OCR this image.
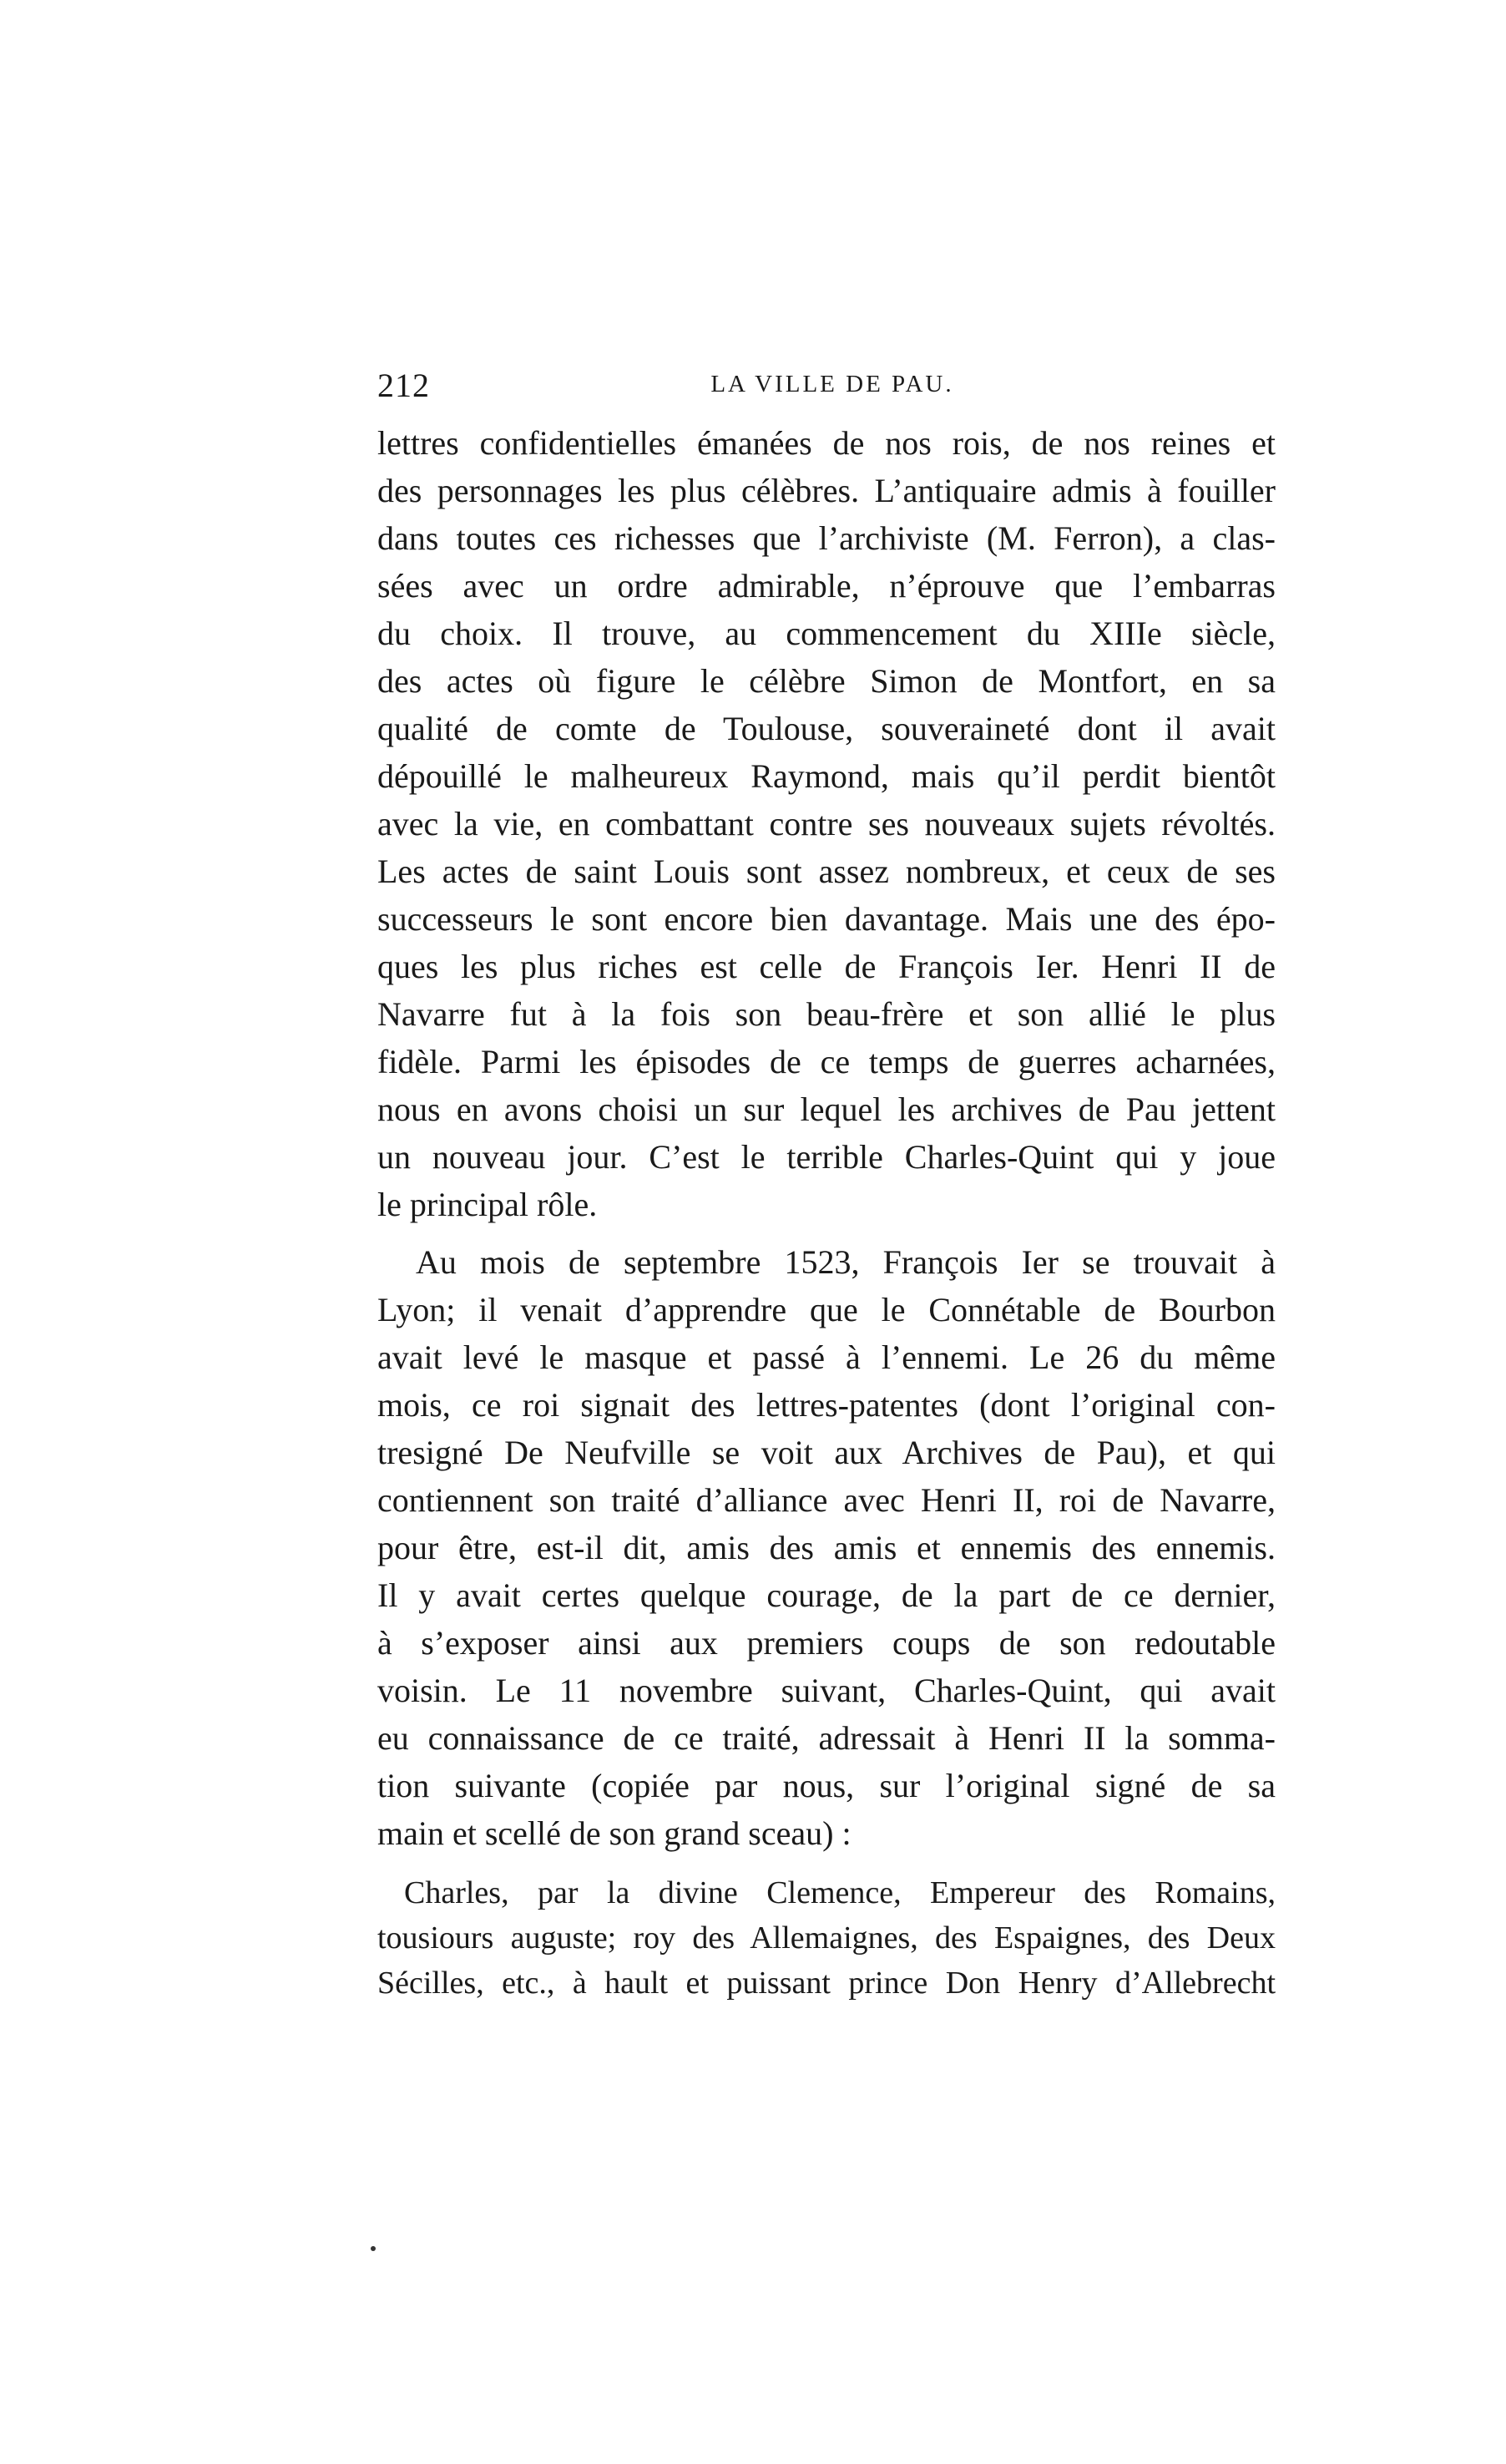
212	LA VILLE DE PAU.
lettres confidentielles émanées de nos rois, de nos reines et
des personnages les plus célèbres. L’antiquaire admis à fouiller
dans toutes ces richesses que l’archiviste (M. Ferron), a clas-
sées avec un ordre admirable, n’éprouve que l’embarras
du choix. Il trouve, au commencement du XIIIe siècle,
des actes où figure le célèbre Simon de Montfort, en sa
qualité de comte de Toulouse, souveraineté dont il avait
dépouillé le malheureux Raymond, mais qu’il perdit bientôt
avec la vie, en combattant contre ses nouveaux sujets révoltés.
Les actes de saint Louis sont assez nombreux, et ceux de ses
successeurs le sont encore bien davantage. Mais une des épo-
ques les plus riches est celle de François Ier. Henri II de
Navarre fut à la fois son beau-frère et son allié le plus
fidèle. Parmi les épisodes de ce temps de guerres acharnées,
nous en avons choisi un sur lequel les archives de Pau jettent
un nouveau jour. C’est le terrible Charles-Quint qui y joue
le principal rôle.
Au mois de septembre 1523, François Ier se trouvait à
Lyon; il venait d’apprendre que le Connétable de Bourbon
avait levé le masque et passé à l’ennemi. Le 26 du même
mois, ce roi signait des lettres-patentes (dont l’original con-
tresigné De Neufville se voit aux Archives de Pau), et qui
contiennent son traité d’alliance avec Henri II, roi de Navarre,
pour être, est-il dit, amis des amis et ennemis des ennemis.
Il y avait certes quelque courage, de la part de ce dernier,
à s’exposer ainsi aux premiers coups de son redoutable
voisin. Le 11 novembre suivant, Charles-Quint, qui avait
eu connaissance de ce traité, adressait à Henri II la somma-
tion suivante (copiée par nous, sur l’original signé de sa
main et scellé de son grand sceau) :
Charles, par la divine Clemence, Empereur des Romains,
tousiours auguste; roy des Allemaignes, des Espaignes, des Deux
Sécilles, etc., à hault et puissant prince Don Henry d’Allebrecht
